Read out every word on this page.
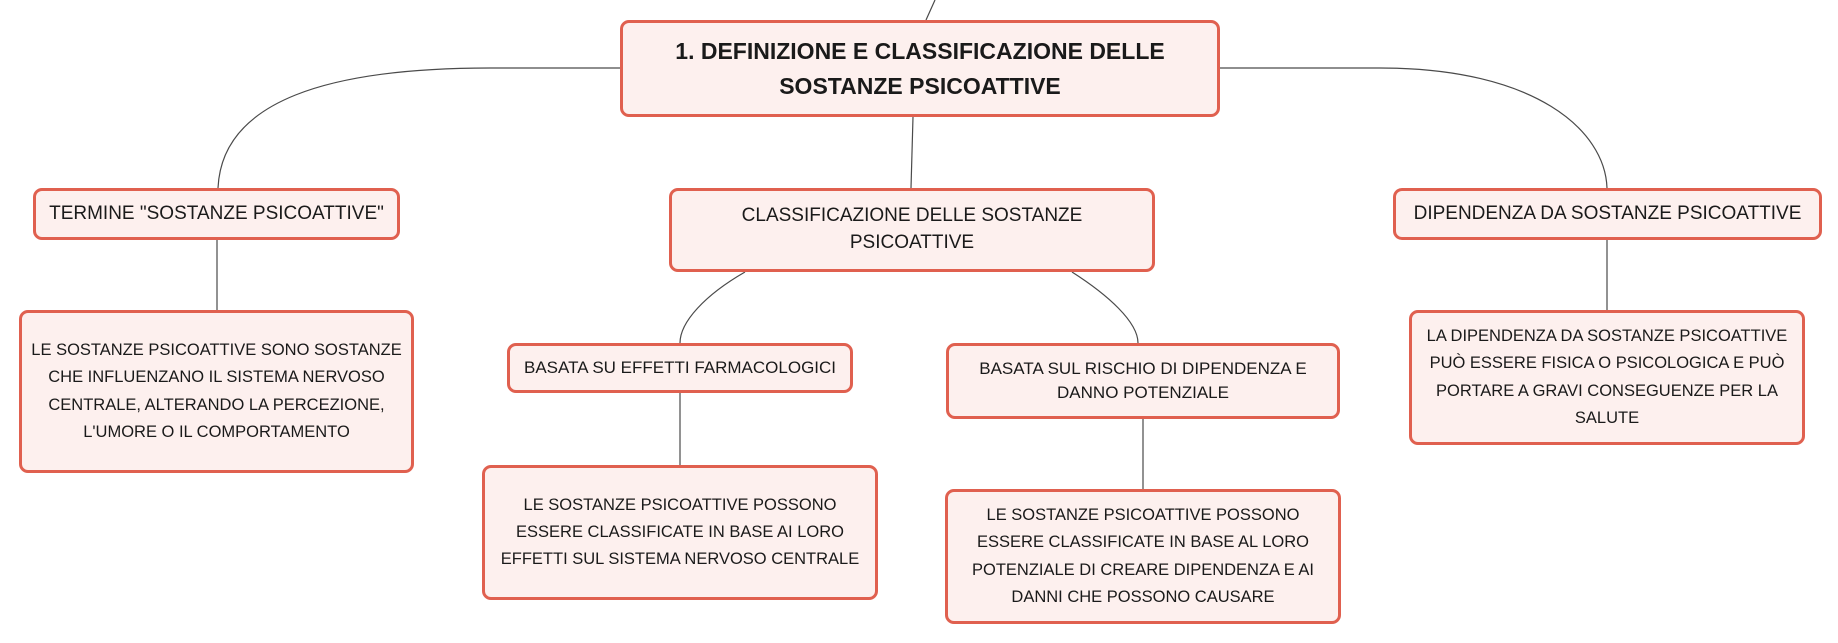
1. DEFINIZIONE E CLASSIFICAZIONE DELLE SOSTANZE PSICOATTIVE
TERMINE "SOSTANZE PSICOATTIVE"	CLASSIFICAZIONE DELLE SOSTANZE PSICOATTIVE
DIPENDENZA DA SOSTANZE PSICOATTIVE
LE SOSTANZE PSICOATTIVE SONO SOSTANZE CHE INFLUENZANO IL SISTEMA NERVOSO CENTRALE, ALTERANDO LA PERCEZIONE, L'UMORE O IL COMPORTAMENTO
BASATA SU EFFETTI FARMACOLOGICI	BASATA SUL RISCHIO DI DIPENDENZA E DANNO POTENZIALE
LE SOSTANZE PSICOATTIVE POSSONO ESSERE CLASSIFICATE IN BASE AI LORO EFFETTI SUL SISTEMA NERVOSO CENTRALE
LE SOSTANZE PSICOATTIVE POSSONO ESSERE CLASSIFICATE IN BASE AL LORO POTENZIALE DI CREARE DIPENDENZA E AI DANNI CHE POSSONO CAUSARE
LA DIPENDENZA DA SOSTANZE PSICOATTIVE PUÒ ESSERE FISICA O PSICOLOGICA E PUÒ PORTARE A GRAVI CONSEGUENZE PER LA SALUTE
